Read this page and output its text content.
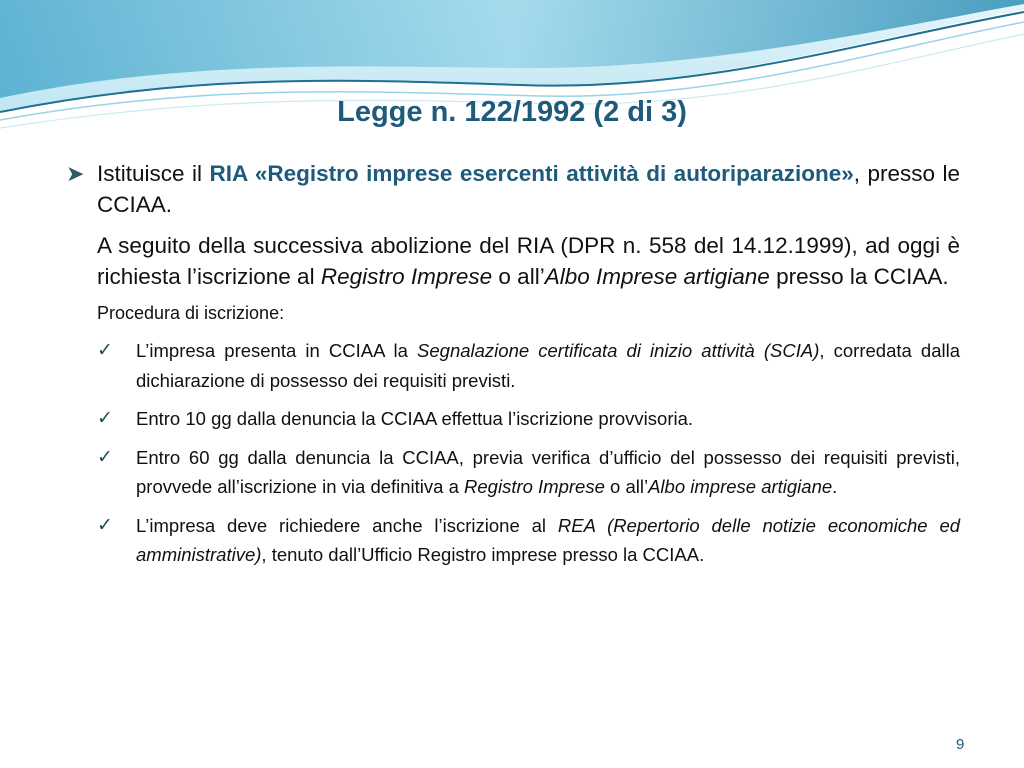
Legge n. 122/1992 (2 di 3)
➤ Istituisce il RIA «Registro imprese esercenti attività di autoriparazione», presso le CCIAA.
A seguito della successiva abolizione del RIA (DPR n. 558 del 14.12.1999), ad oggi è richiesta l’iscrizione al Registro Imprese o all’Albo Imprese artigiane presso la CCIAA.
Procedura di iscrizione:
✓ L’impresa presenta in CCIAA la Segnalazione certificata di inizio attività (SCIA), corredata dalla dichiarazione di possesso dei requisiti previsti.
✓ Entro 10 gg dalla denuncia la CCIAA effettua l’iscrizione provvisoria.
✓ Entro 60 gg dalla denuncia la CCIAA, previa verifica d’ufficio del possesso dei requisiti previsti, provvede all’iscrizione in via definitiva a Registro Imprese o all’Albo imprese artigiane.
✓ L’impresa deve richiedere anche l’iscrizione al REA (Repertorio delle notizie economiche ed amministrative), tenuto dall’Ufficio Registro imprese presso la CCIAA.
9
